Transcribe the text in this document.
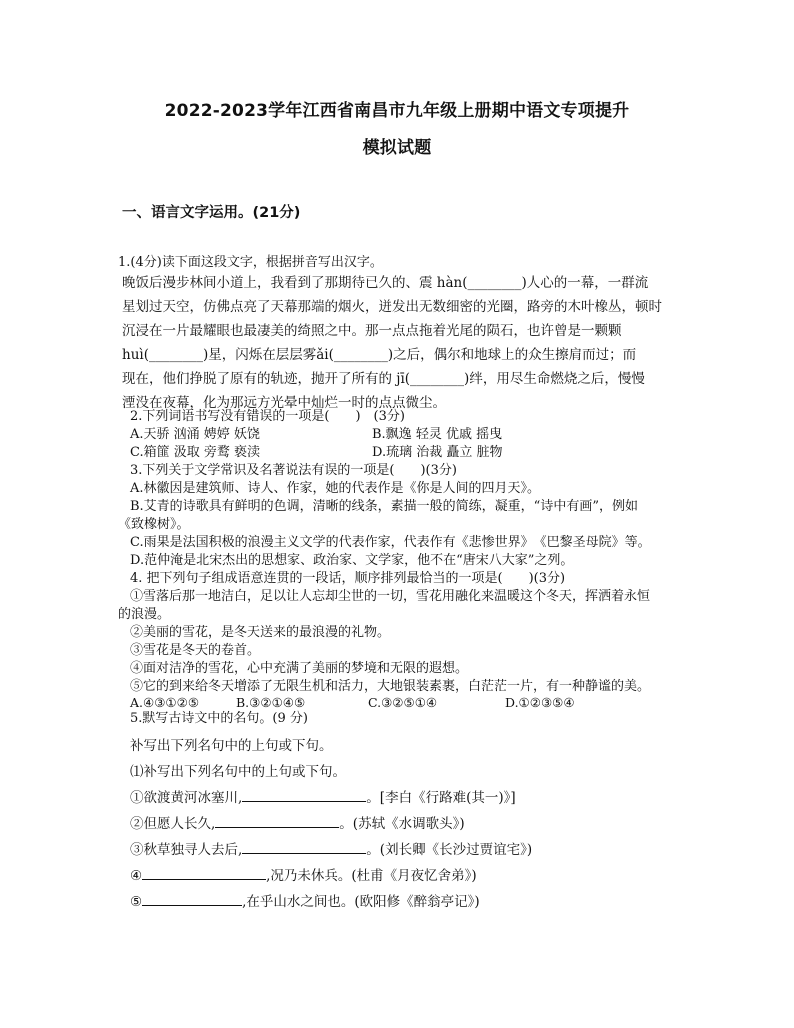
2022-2023学年江西省南昌市九年级上册期中语文专项提升
模拟试题
一、语言文字运用。(21分)
1.(4分)读下面这段文字，根据拼音写出汉字。
晚饭后漫步林间小道上，我看到了那期待已久的、震 hàn(________)人心的一幕，一群流
星划过天空，仿佛点亮了天幕那端的烟火，迸发出无数细密的光圈，路旁的木叶橡丛，顿时
沉浸在一片最耀眼也最凄美的绮照之中。那一点点拖着光尾的陨石，也许曾是一颗颗
huì(________)星，闪烁在层层雾ǎi(________)之后，偶尔和地球上的众生擦肩而过；而
现在，他们挣脱了原有的轨迹，抛开了所有的 jī(________)绊，用尽生命燃烧之后，慢慢
湮没在夜幕，化为那远方光晕中灿烂一时的点点微尘。
2.下列词语书写没有错误的一项是(　　)　(3分)
A.天骄 汹涌 娉婷 妖饶	B.飘逸 轻灵 优戚 摇曳
C.箱篚 汲取 旁鹜 亵渎	D.琉璃 治裁 矗立 脏物
3.下列关于文学常识及名著说法有误的一项是(　　)(3分)
A.林徽因是建筑师、诗人、作家，她的代表作是《你是人间的四月天》。
B.艾青的诗歌具有鲜明的色调，清晰的线条，素描一般的简练，凝重，“诗中有画”，例如
《致橡树》。
C.雨果是法国积极的浪漫主义文学的代表作家，代表作有《悲惨世界》　《巴黎圣母院》等。
D.范仲淹是北宋杰出的思想家、政治家、文学家，他不在“唐宋八大家”之列。
4. 把下列句子组成语意连贯的一段话，顺序排列最恰当的一项是(　　)(3分)
①雪落后那一地洁白，足以让人忘却尘世的一切，雪花用融化来温暖这个冬天，挥洒着永恒
的浪漫。
②美丽的雪花，是冬天送来的最浪漫的礼物。
③雪花是冬天的卷首。
④面对洁净的雪花，心中充满了美丽的梦境和无限的遐想。
⑤它的到来给冬天增添了无限生机和活力，大地银装素裹，白茫茫一片，有一种静谧的美。
A.④③①②⑤	B.③②①④⑤	C.③②⑤①④	D.①②③⑤④
5.默写古诗文中的名句。(9 分)
补写出下列名句中的上句或下句。
⑴补写出下列名句中的上句或下句。
①欲渡黄河冰塞川,	。[李白《行路难(其一)》]
②但愿人长久,	。(苏轼《水调歌头》)
③秋草独寻人去后,	。(刘长卿《长沙过贾谊宅》)
④	,况乃未休兵。(杜甫《月夜忆舍弟》)
⑤	,在乎山水之间也。(欧阳修《醉翁亭记》)
